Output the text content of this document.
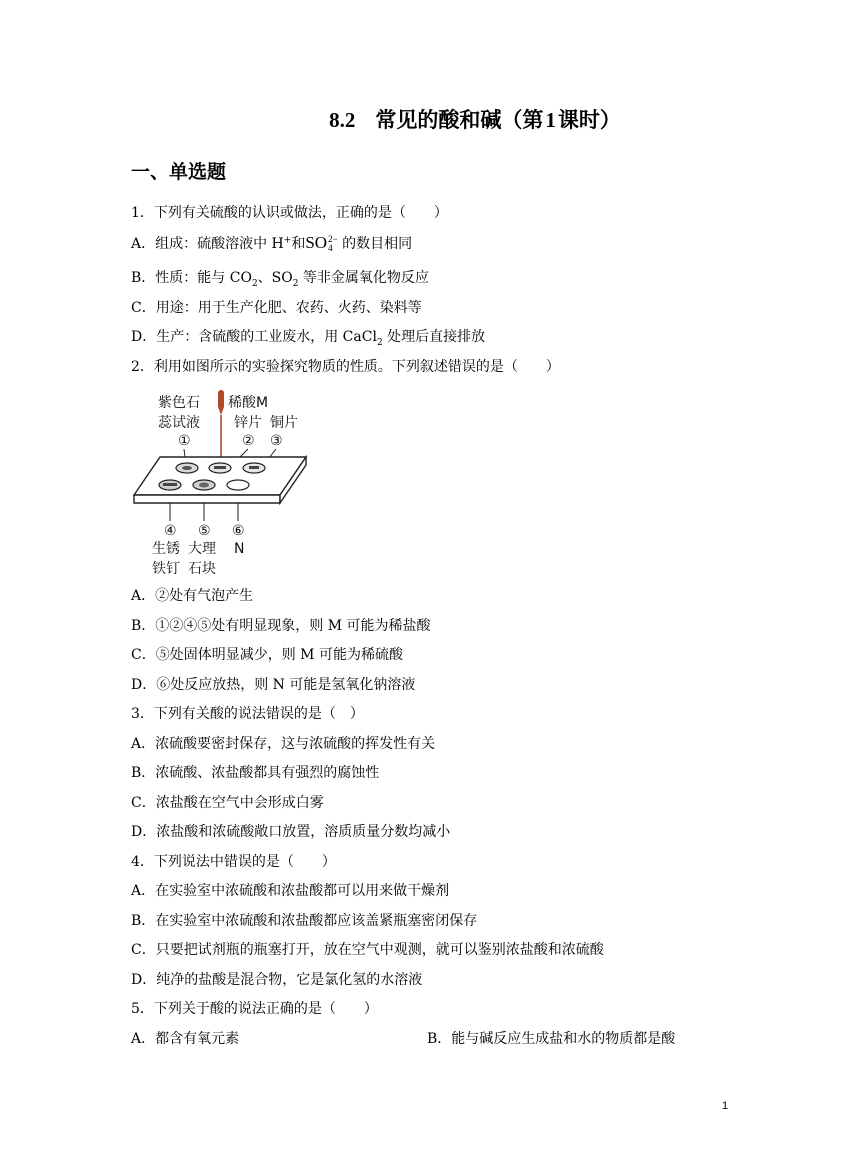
8.2 常见的酸和碱（第1课时）
一、单选题
1．下列有关硫酸的认识或做法，正确的是（　　）
A．组成：硫酸溶液中 H+和SO2−
4 的数目相同
B．性质：能与 $CO_2$、$SO_2$ 等非金属氧化物反应
C．用途：用于生产化肥、农药、火药、染料等
D．生产：含硫酸的工业废水，用 CaCl$_2$ 处理后直接排放
2．利用如图所示的实验探究物质的性质。下列叙述错误的是（　　）
紫色石
蕊试液
①
稀酸M
锌片 铜片
② ③
④ ⑤ ⑥
生锈
铁钉
大理
石块
N
A．②处有气泡产生
B．①②④⑤处有明显现象，则 M 可能为稀盐酸
C．⑤处固体明显减少，则 M 可能为稀硫酸
D．⑥处反应放热，则 N 可能是氢氧化钠溶液
3．下列有关酸的说法错误的是（　）
A．浓硫酸要密封保存，这与浓硫酸的挥发性有关
B．浓硫酸、浓盐酸都具有强烈的腐蚀性
C．浓盐酸在空气中会形成白雾
D．浓盐酸和浓硫酸敞口放置，溶质质量分数均减小
4．下列说法中错误的是（　　）
A．在实验室中浓硫酸和浓盐酸都可以用来做干燥剂
B．在实验室中浓硫酸和浓盐酸都应该盖紧瓶塞密闭保存
C．只要把试剂瓶的瓶塞打开，放在空气中观测，就可以鉴别浓盐酸和浓硫酸
D．纯净的盐酸是混合物，它是氯化氢的水溶液
5．下列关于酸的说法正确的是（　　）
A．都含有氧元素	B．能与碱反应生成盐和水的物质都是酸
1
